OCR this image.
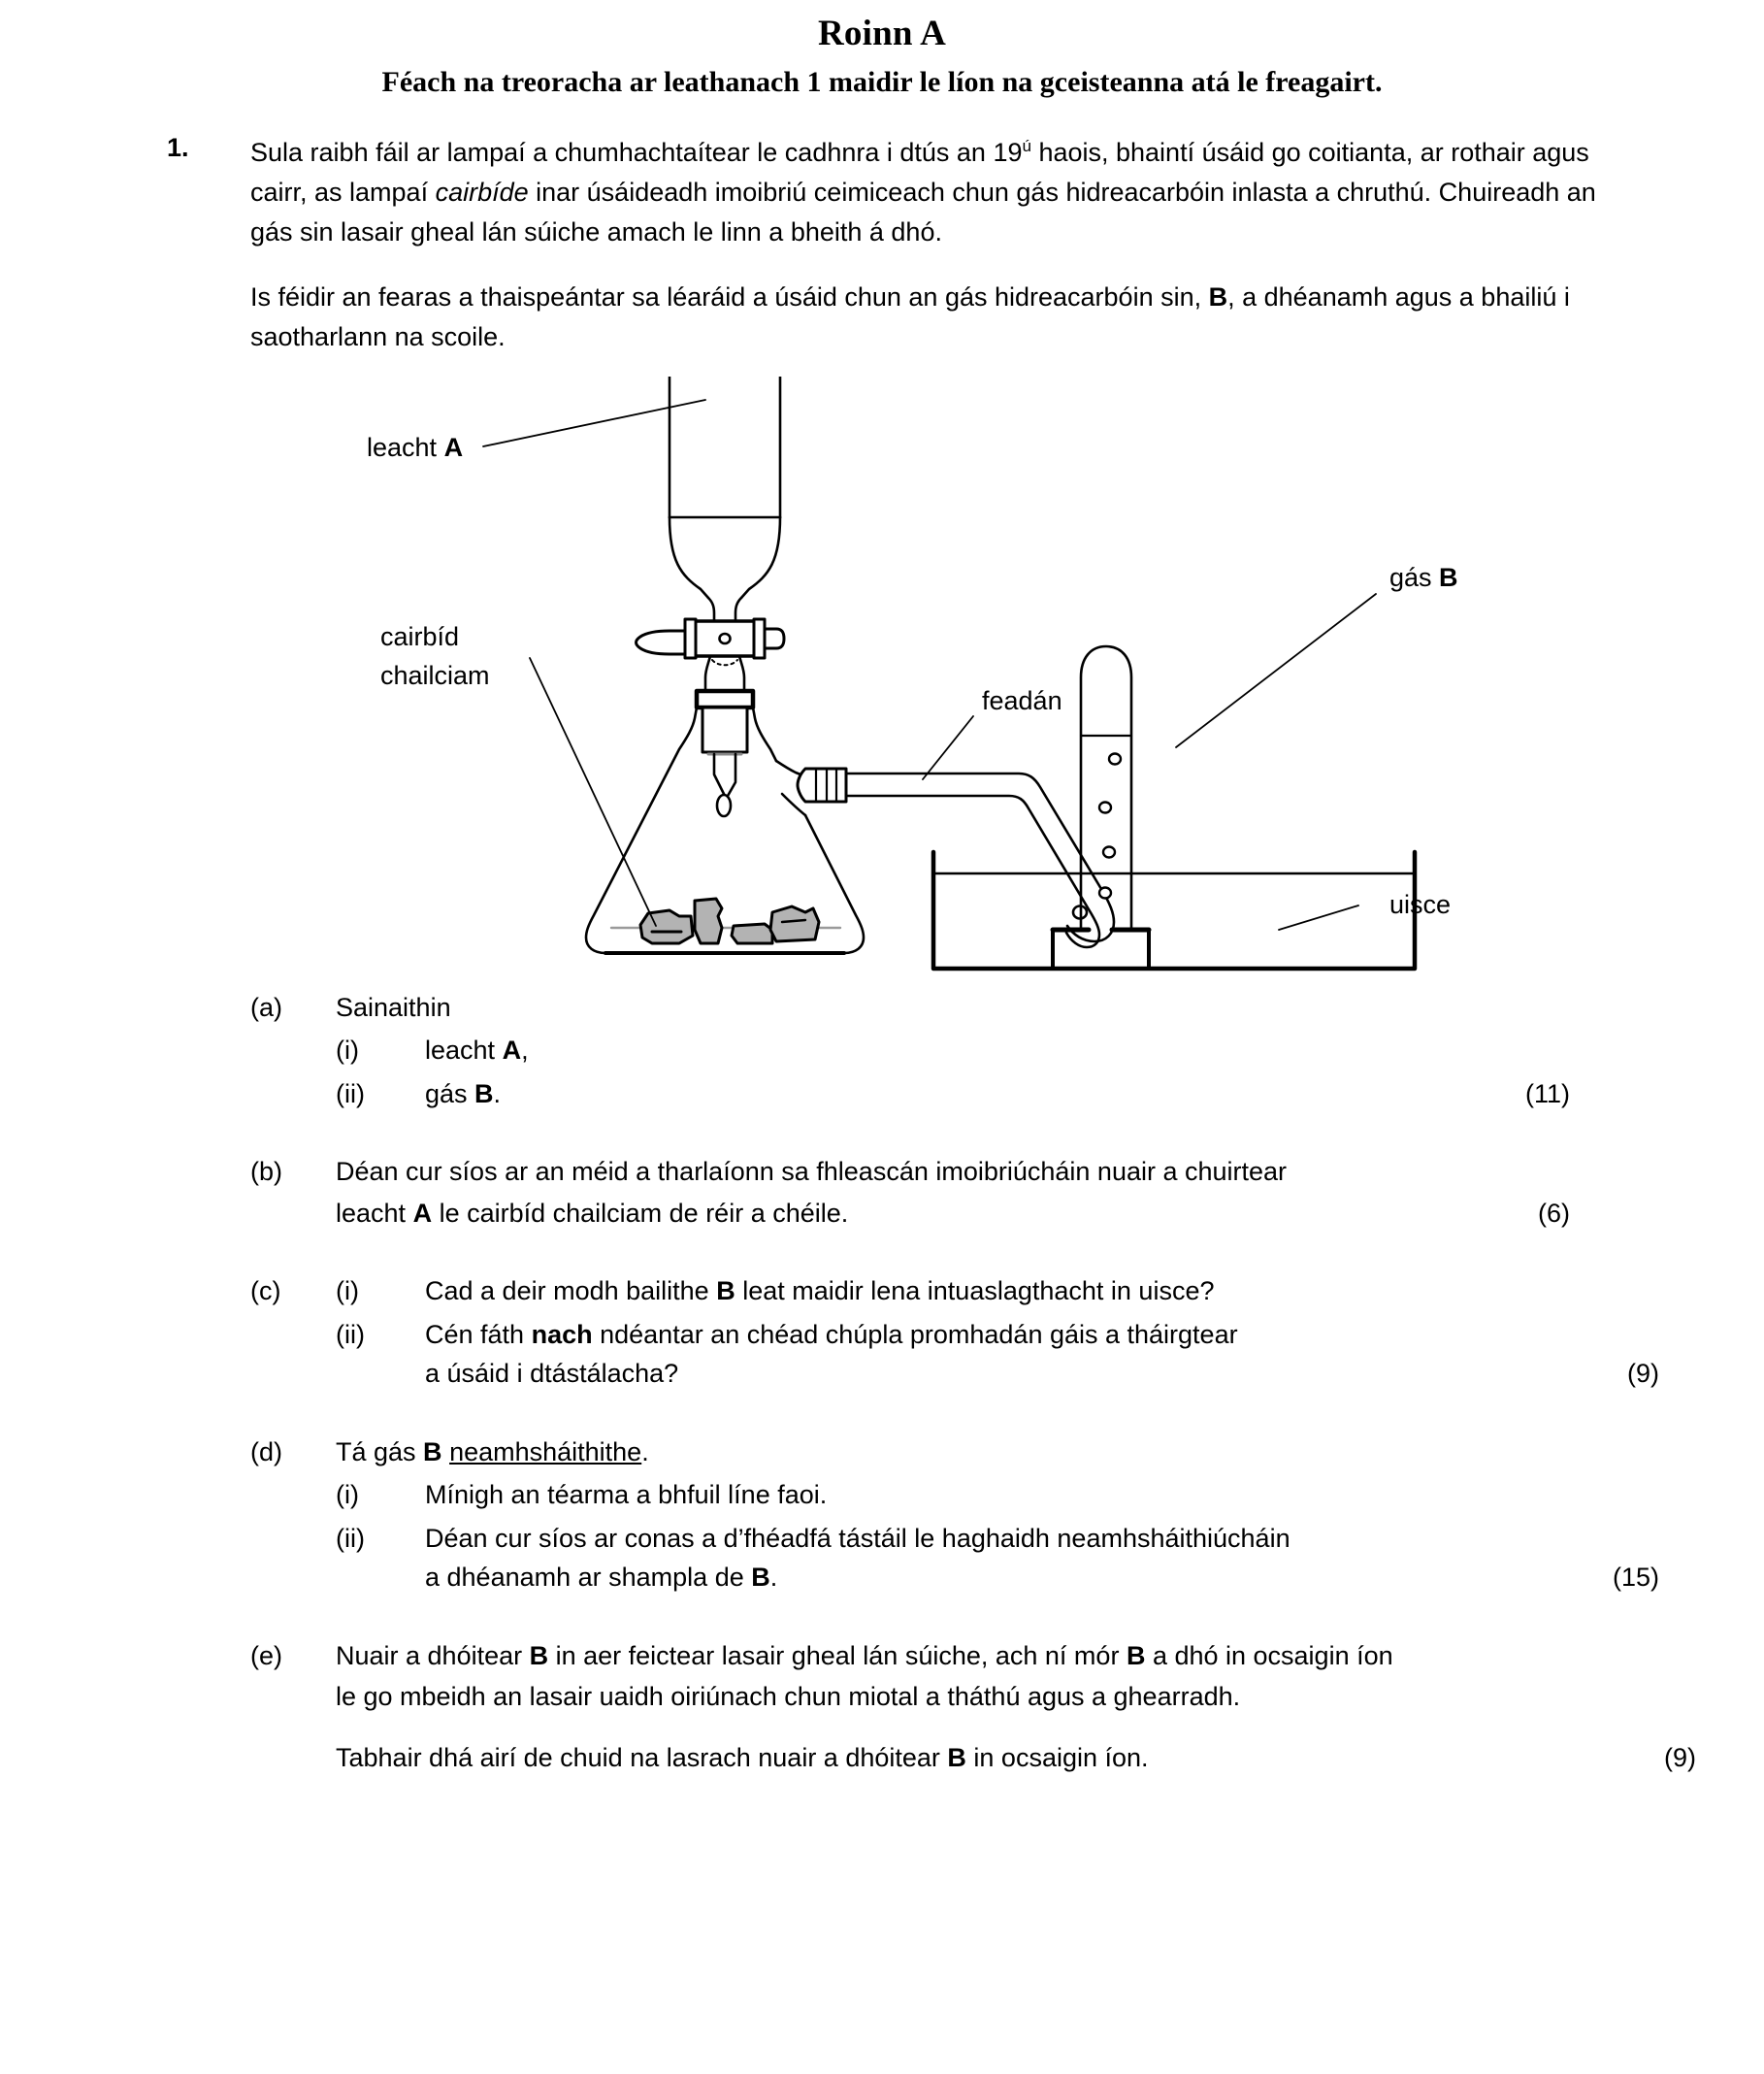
Roinn A
Féach na treoracha ar leathanach 1 maidir le líon na gceisteanna atá le freagairt.
1. Sula raibh fáil ar lampaí a chumhachtaítear le cadhnra i dtús an $19^ú$ haois, bhaintí úsáid go coitianta, ar rothair agus cairr, as lampaí cairbíde inar úsáideadh imoibriú ceimiceach chun gás hidreacarbóin inlasta a chruthú. Chuireadh an gás sin lasair gheal lán súiche amach le linn a bheith á dhó.

Is féidir an fearas a thaispeántar sa léaráid a úsáid chun an gás hidreacarbóin sin, B, a dhéanamh agus a bhailiú i saotharlann na scoile.

leacht A
gás B
feadán
cairbíd
chailciam
uisce
(a)	Sainaithin
(i)	leacht A,
(ii)	gás B.	(11)
(b)	Déan cur síos ar an méid a tharlaíonn sa fhleascán imoibriúcháin nuair a chuirtear
leacht A le cairbíd chailciam de réir a chéile.	(6)
(c)	(i)	Cad a deir modh bailithe B leat maidir lena intuaslagthacht in uisce?
(ii)	Cén fáth nach ndéantar an chéad chúpla promhadán gáis a tháirgtear
a úsáid i dtástálacha?	(9)
(d)	Tá gás B neamhsháithithe.
(i)	Mínigh an téarma a bhfuil líne faoi.
(ii)	Déan cur síos ar conas a d’fhéadfá tástáil le haghaidh neamhsháithiúcháin
a dhéanamh ar shampla de B.	(15)
(e)	Nuair a dhóitear B in aer feictear lasair gheal lán súiche, ach ní mór B a dhó in ocsaigin íon
le go mbeidh an lasair uaidh oiriúnach chun miotal a tháthú agus a ghearradh.
Tabhair dhá airí de chuid na lasrach nuair a dhóitear B in ocsaigin íon.	(9)
